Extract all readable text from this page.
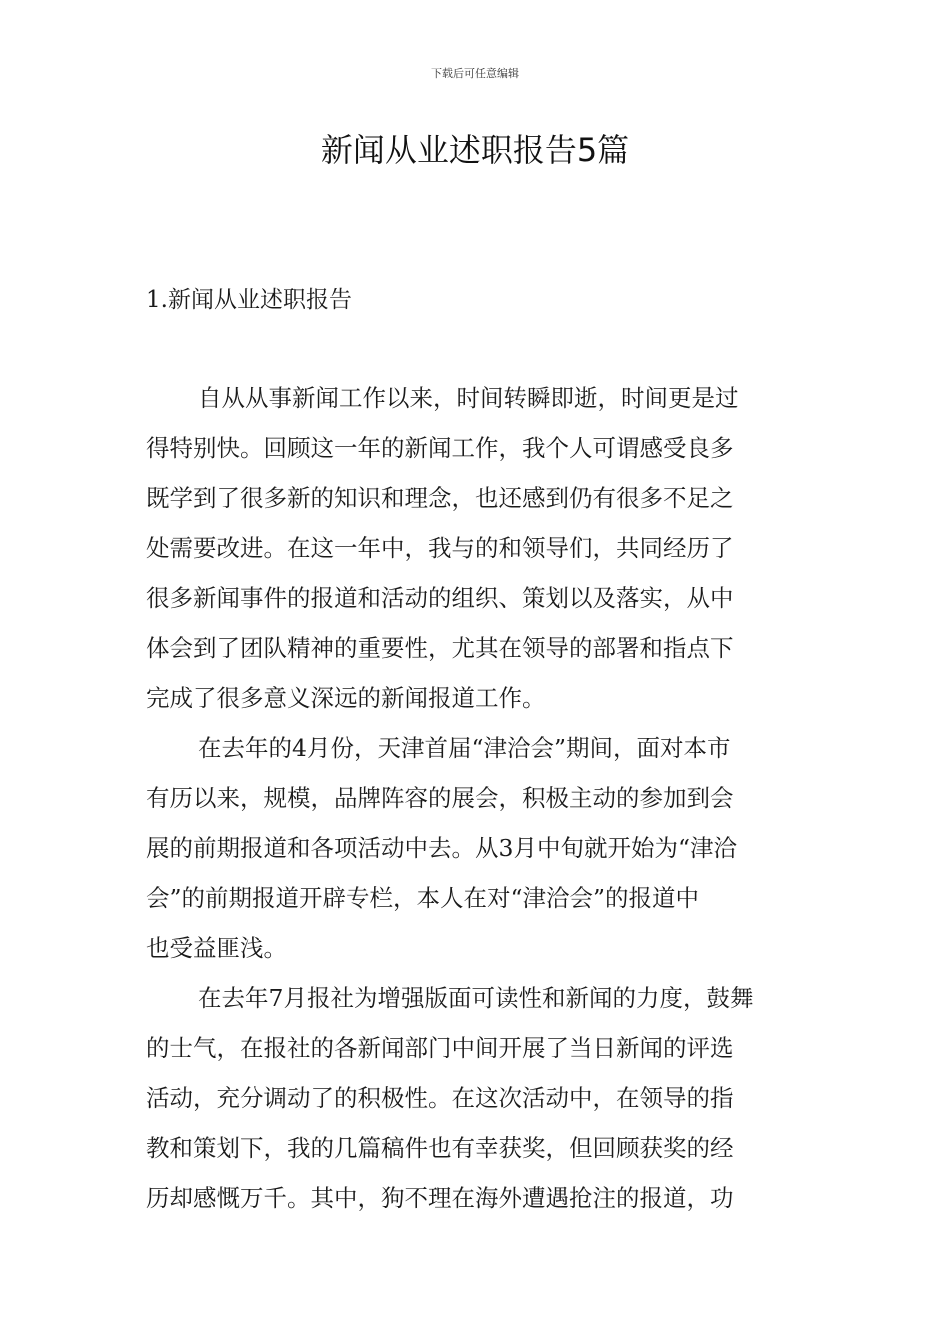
下载后可任意编辑
新闻从业述职报告5篇
1.新闻从业述职报告
自从从事新闻工作以来，时间转瞬即逝，时间更是过
得特别快。回顾这一年的新闻工作，我个人可谓感受良多
既学到了很多新的知识和理念，也还感到仍有很多不足之
处需要改进。在这一年中，我与的和领导们，共同经历了
很多新闻事件的报道和活动的组织、策划以及落实，从中
体会到了团队精神的重要性，尤其在领导的部署和指点下
完成了很多意义深远的新闻报道工作。
在去年的4月份，天津首届“津洽会”期间，面对本市
有历以来，规模，品牌阵容的展会，积极主动的参加到会
展的前期报道和各项活动中去。从3月中旬就开始为“津洽
会”的前期报道开辟专栏，本人在对“津洽会”的报道中
也受益匪浅。
在去年7月报社为增强版面可读性和新闻的力度，鼓舞
的士气，在报社的各新闻部门中间开展了当日新闻的评选
活动，充分调动了的积极性。在这次活动中，在领导的指
教和策划下，我的几篇稿件也有幸获奖，但回顾获奖的经
历却感慨万千。其中，狗不理在海外遭遇抢注的报道，功
